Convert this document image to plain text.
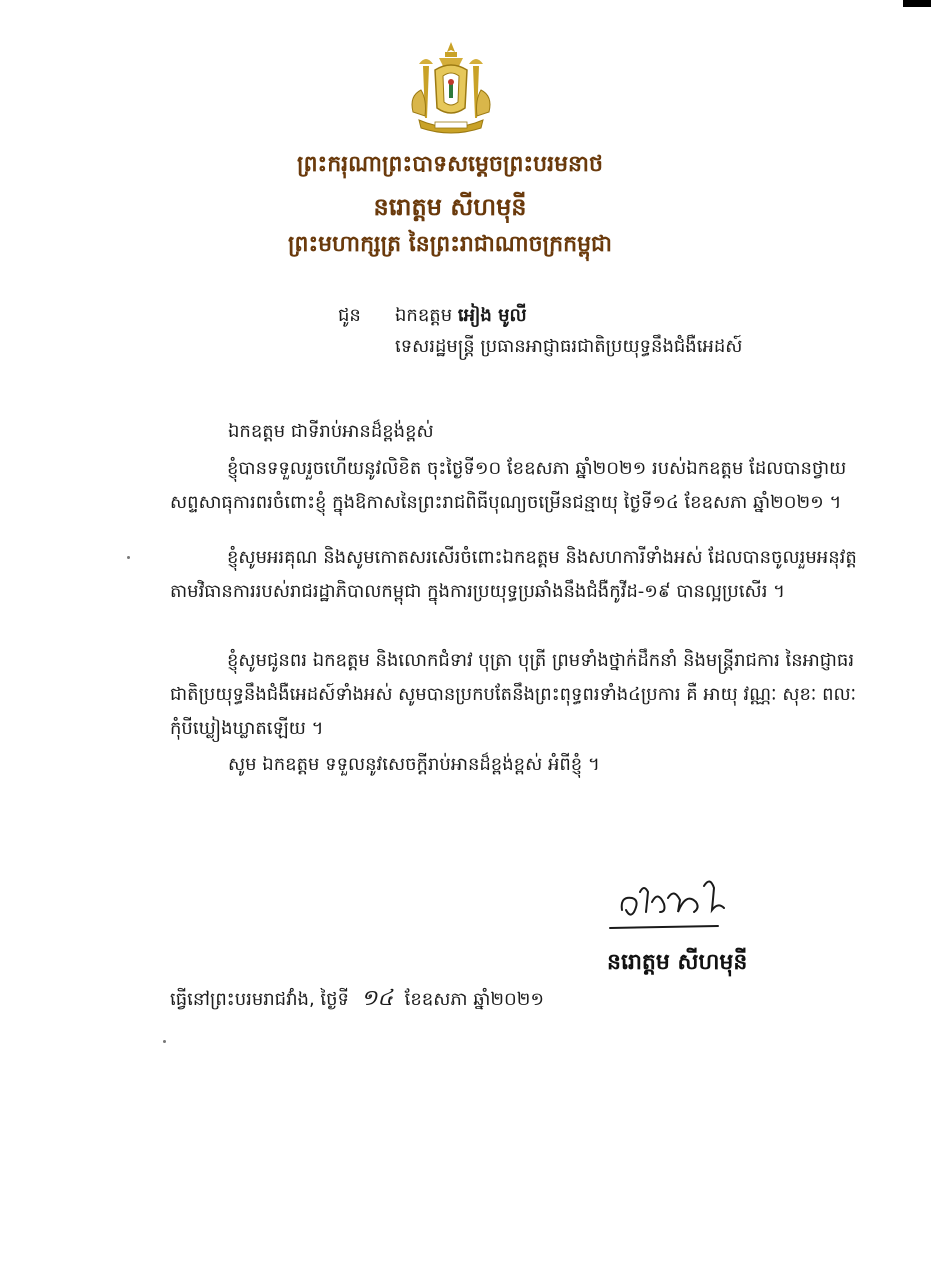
ព្រះករុណាព្រះបាទសម្តេចព្រះបរមនាថ
នរោត្តម សីហមុនី
ព្រះមហាក្សត្រ នៃព្រះរាជាណាចក្រកម្ពុជា
ជូន ឯកឧត្តម អៀង មូលី
ទេសរដ្ឋមន្ត្រី ប្រធានអាជ្ញាធរជាតិប្រយុទ្ធនឹងជំងឺអេដស៍
ឯកឧត្តម ជាទីរាប់អានដ៏ខ្ពង់ខ្ពស់

ខ្ញុំបានទទួលរួចហើយនូវលិខិត ចុះថ្ងៃទី១០ ខែឧសភា ឆ្នាំ២០២១ របស់ឯកឧត្តម ដែលបានថ្វាយសព្ទសាធុការពរចំពោះខ្ញុំ ក្នុងឱកាសនៃព្រះរាជពិធីបុណ្យចម្រើនជន្មាយុ ថ្ងៃទី១៤ ខែឧសភា ឆ្នាំ២០២១ ។

ខ្ញុំសូមអរគុណ និងសូមកោតសរសើរចំពោះឯកឧត្តម និងសហការីទាំងអស់ ដែលបានចូលរួមអនុវត្តតាមវិធានការរបស់រាជរដ្ឋាភិបាលកម្ពុជា ក្នុងការប្រយុទ្ធប្រឆាំងនឹងជំងឺកូវីដ-១៩ បានល្អប្រសើរ ។

ខ្ញុំសូមជូនពរ ឯកឧត្តម និងលោកជំទាវ បុត្រា បុត្រី ព្រមទាំងថ្នាក់ដឹកនាំ និងមន្ត្រីរាជការ នៃអាជ្ញាធរជាតិប្រយុទ្ធនឹងជំងឺអេដស៍ទាំងអស់ សូមបានប្រកបតែនឹងព្រះពុទ្ធពរទាំង៤ប្រការ គឺ អាយុ វណ្ណៈ សុខៈ ពលៈ កុំបីឃ្លៀងឃ្លាតឡើយ ។

សូម ឯកឧត្តម ទទួលនូវសេចក្តីរាប់អានដ៏ខ្ពង់ខ្ពស់ អំពីខ្ញុំ ។
នរោត្តម សីហមុនី
ធ្វើនៅព្រះបរមរាជវាំង, ថ្ងៃទី ១៤ ខែឧសភា ឆ្នាំ២០២១
